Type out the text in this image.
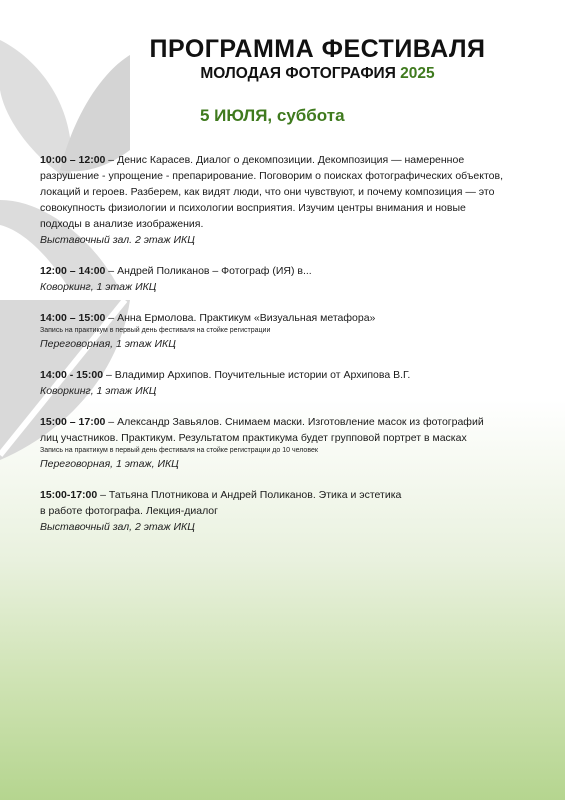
ПРОГРАММА ФЕСТИВАЛЯ
МОЛОДАЯ ФОТОГРАФИЯ 2025
5 ИЮЛЯ, суббота
10:00 – 12:00 – Денис Карасев. Диалог о декомпозиции. Декомпозиция — намеренное
разрушение - упрощение - препарирование. Поговорим о поисках фотографических объектов,
локаций и героев. Разберем, как видят люди, что они чувствуют, и почему композиция — это
совокупность физиологии и психологии восприятия. Изучим центры внимания и новые
подходы в анализе изображения.
Выставочный зал. 2 этаж ИКЦ
12:00 – 14:00 – Андрей Поликанов – Фотограф (ИЯ) в...
Коворкинг, 1 этаж ИКЦ
14:00 – 15:00 – Анна Ермолова. Практикум «Визуальная метафора»
Запись на практикум в первый день фестиваля на стойке регистрации
Переговорная, 1 этаж ИКЦ
14:00 - 15:00 – Владимир Архипов. Поучительные истории от Архипова В.Г.
Коворкинг, 1 этаж ИКЦ
15:00 – 17:00 – Александр Завьялов. Снимаем маски. Изготовление масок из фотографий
лиц участников. Практикум. Результатом практикума будет групповой портрет в масках
Запись на практикум в первый день фестиваля на стойке регистрации до 10 человек
Переговорная, 1 этаж, ИКЦ
15:00-17:00 – Татьяна Плотникова и Андрей Поликанов. Этика и эстетика
в работе фотографа. Лекция-диалог
Выставочный зал, 2 этаж ИКЦ
